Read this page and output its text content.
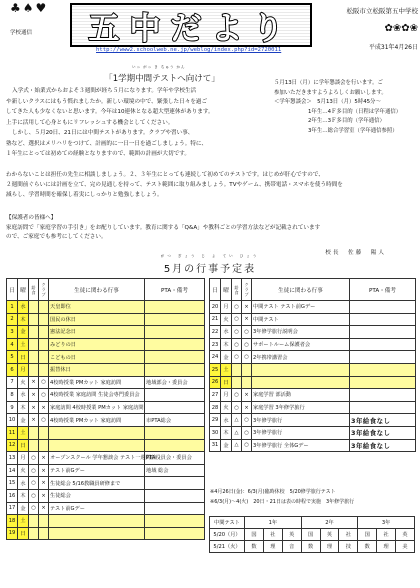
♣♠♥
学校通信	五中だより	松阪市立松阪第五中学校
✿❀✿❀
平成31年4月26日
http://www2.schoolweb.ne.jp/weblog/index.php?id=2720011
いっ がっ き ちゅう かん
「1学期中間テストへ向けて」

入学式・始業式からおよそ３週間が経ち５月になります。学年や学校生活

や新しいクラスにはもう慣れましたか。新しい環境の中で、緊張した日々を過ご
してきた人も少なくないと思います。今年は10連休となる超大型連休があります。
上手に活用して心身ともにリフレッシュする機会としてください。

しかし、５月20日、21日には中間テストがあります。クラブや習い事、

塾など、選択はメリハリをつけて、計画的に一日一日を過ごしましょう。特に、
１年生にとっては初めての経験となりますので、範囲の計画が大切です。
わからないことは担任の先生に相談しましょう。２、３年生にとっても連続して初めてのテストです。はじめが肝心ですので、
２週間前ぐらいには計画を立て、完の見通しを持って、テスト範囲に取り組みましょう。TVやゲーム、携帯電話・スマホを使う時間を
減らし、学習時間を確保し着実にしっかりと勉強しましょう。
５月13日（月）に学年懇談会を行います。ご
参加いただきますようよろしくお願いします。
＜学年懇談会＞　5月13日（月）5時45分〜
1年生…4Ｆ多目的（日程は学年通信）
2年生…3Ｆ多目的（学年通信）
3年生…総合学習室（学年通信参照）
【保護者の皆様へ】
家庭訪問で「家庭学習の手引き」をお配りしています。教育に関する「Q&A」や教科ごとの学習方法などが記載されています
ので、ご家庭でも参考にしてください。
校長　佐藤　陽人
がつ ぎょう じ よ てい ひょう
5月の行事予定表
日	曜	給食	クラブ	生徒に関わる行事	PTA・備考
1	水			天皇即位	
2	木			国民の休日	
3	金			憲法記念日	
4	土			みどりの日	
5	日			こどもの日	
6	月			振替休日	
7	火	×	○	4校時授業 PMカット 家庭訪問	地域部会・委員会
8	水	×	○	4校時授業 家庭訪問 生徒会専門委員会	
9	木	×	×	家庭訪問 4校時授業 PMカット 家庭訪問	
10	金	×	○	4校時授業 PMカット 家庭訪問	市PTA総会
11	土				
12	日				
13	月	○	×	オープンスクール 学年懇談会 テスト一週間前	PTA役員会・委員会
14	火	○	×	テスト前Gデー	地域 総会
15	水	○	×	生徒総会 5/16教職員研修まで	
16	木	○	×	生徒総会	
17	金	○	×	テスト前Gデー	
18	土				
19	日				
日	曜	給食	クラブ	生徒に関わる行事	PTA・備考
20	月	○	×	中間テスト テスト前Gデー	
21	火	○	×	中間テスト	
22	水	○	○	3年修学旅行説明会	
23	木	○	○	サポートルーム保護者会	
24	金	○	○	2年携帯講習会	
25	土				
26	日				
27	月	○	×	家庭学習 部活動	
28	火	○	×	家庭学習 3年修学旅行	
29	水	△	○	3年修学旅行	3年給食なし
30	木	△	○	3年修学旅行	3年給食なし
31	金	△	○	3年修学旅行 全体Gデー	3年給食なし
※4月26日(金)：6/3(月)臨時休校　5/20修学旅行テスト
※6/3(月)〜4(火)　20日・21日は表の時程で実施　3年修学旅行
中間テスト	1年			2年			3年		
5/20（月）	国	社	英	国	英	社	国	社	英
5/21（火）	数	理	音	数	理	技	数	理	美
